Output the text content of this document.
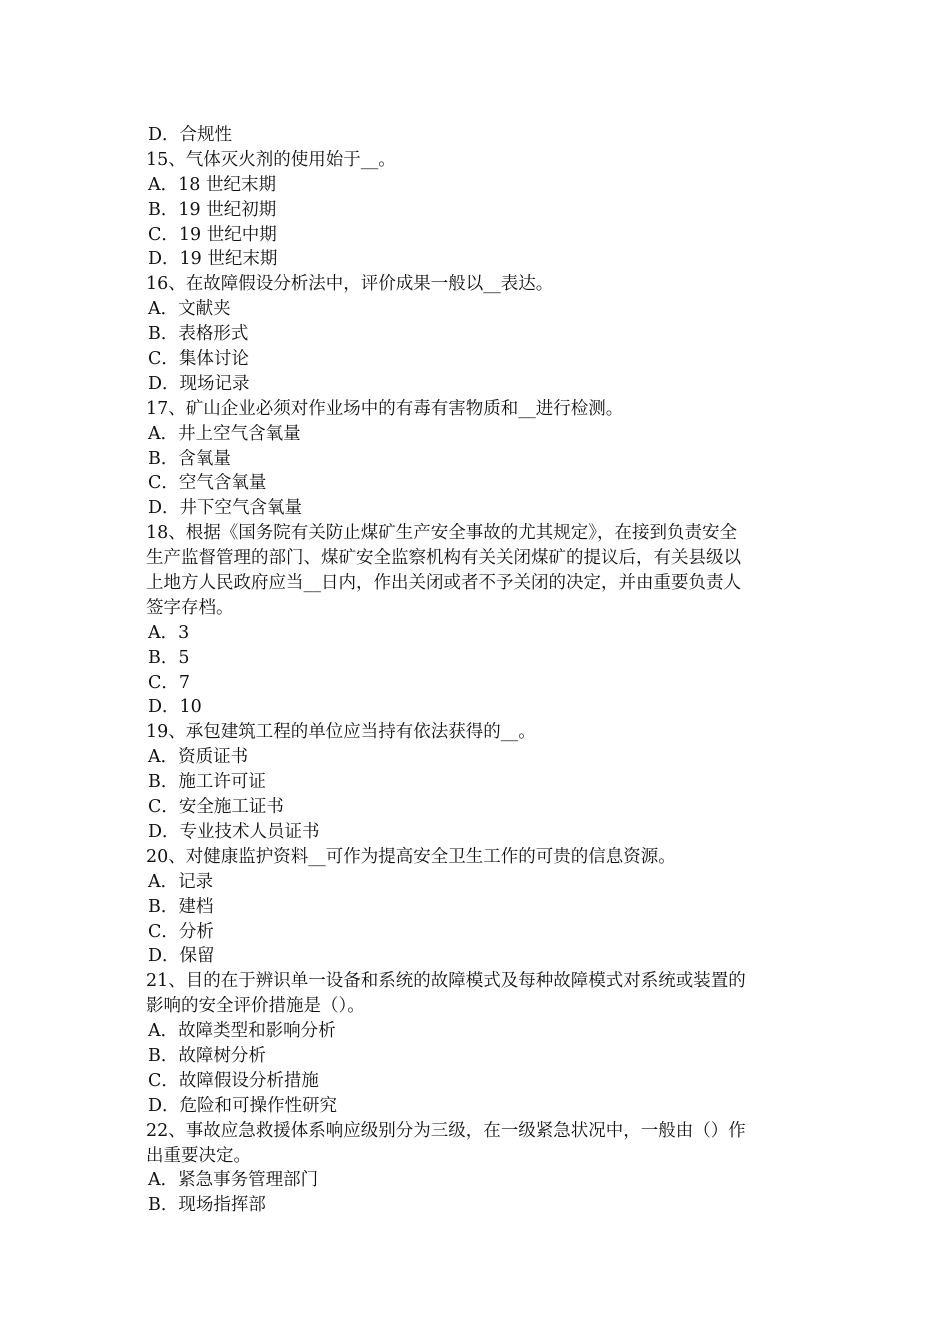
D．合规性
15、气体灭火剂的使用始于__。
A．18 世纪末期
B．19 世纪初期
C．19 世纪中期
D．19 世纪末期
16、在故障假设分析法中，评价成果一般以__表达。
A．文献夹
B．表格形式
C．集体讨论
D．现场记录
17、矿山企业必须对作业场中的有毒有害物质和__进行检测。
A．井上空气含氧量
B．含氧量
C．空气含氧量
D．井下空气含氧量
18、根据《国务院有关防止煤矿生产安全事故的尤其规定》，在接到负责安全
生产监督管理的部门、煤矿安全监察机构有关关闭煤矿的提议后，有关县级以
上地方人民政府应当__日内，作出关闭或者不予关闭的决定，并由重要负责人
签字存档。
A．3
B．5
C．7
D．10
19、承包建筑工程的单位应当持有依法获得的__。
A．资质证书
B．施工许可证
C．安全施工证书
D．专业技术人员证书
20、对健康监护资料__可作为提高安全卫生工作的可贵的信息资源。
A．记录
B．建档
C．分析
D．保留
21、目的在于辨识单一设备和系统的故障模式及每种故障模式对系统或装置的
影响的安全评价措施是（）。
A．故障类型和影响分析
B．故障树分析
C．故障假设分析措施
D．危险和可操作性研究
22、事故应急救援体系响应级别分为三级，在一级紧急状况中，一般由（）作
出重要决定。
A．紧急事务管理部门
B．现场指挥部
